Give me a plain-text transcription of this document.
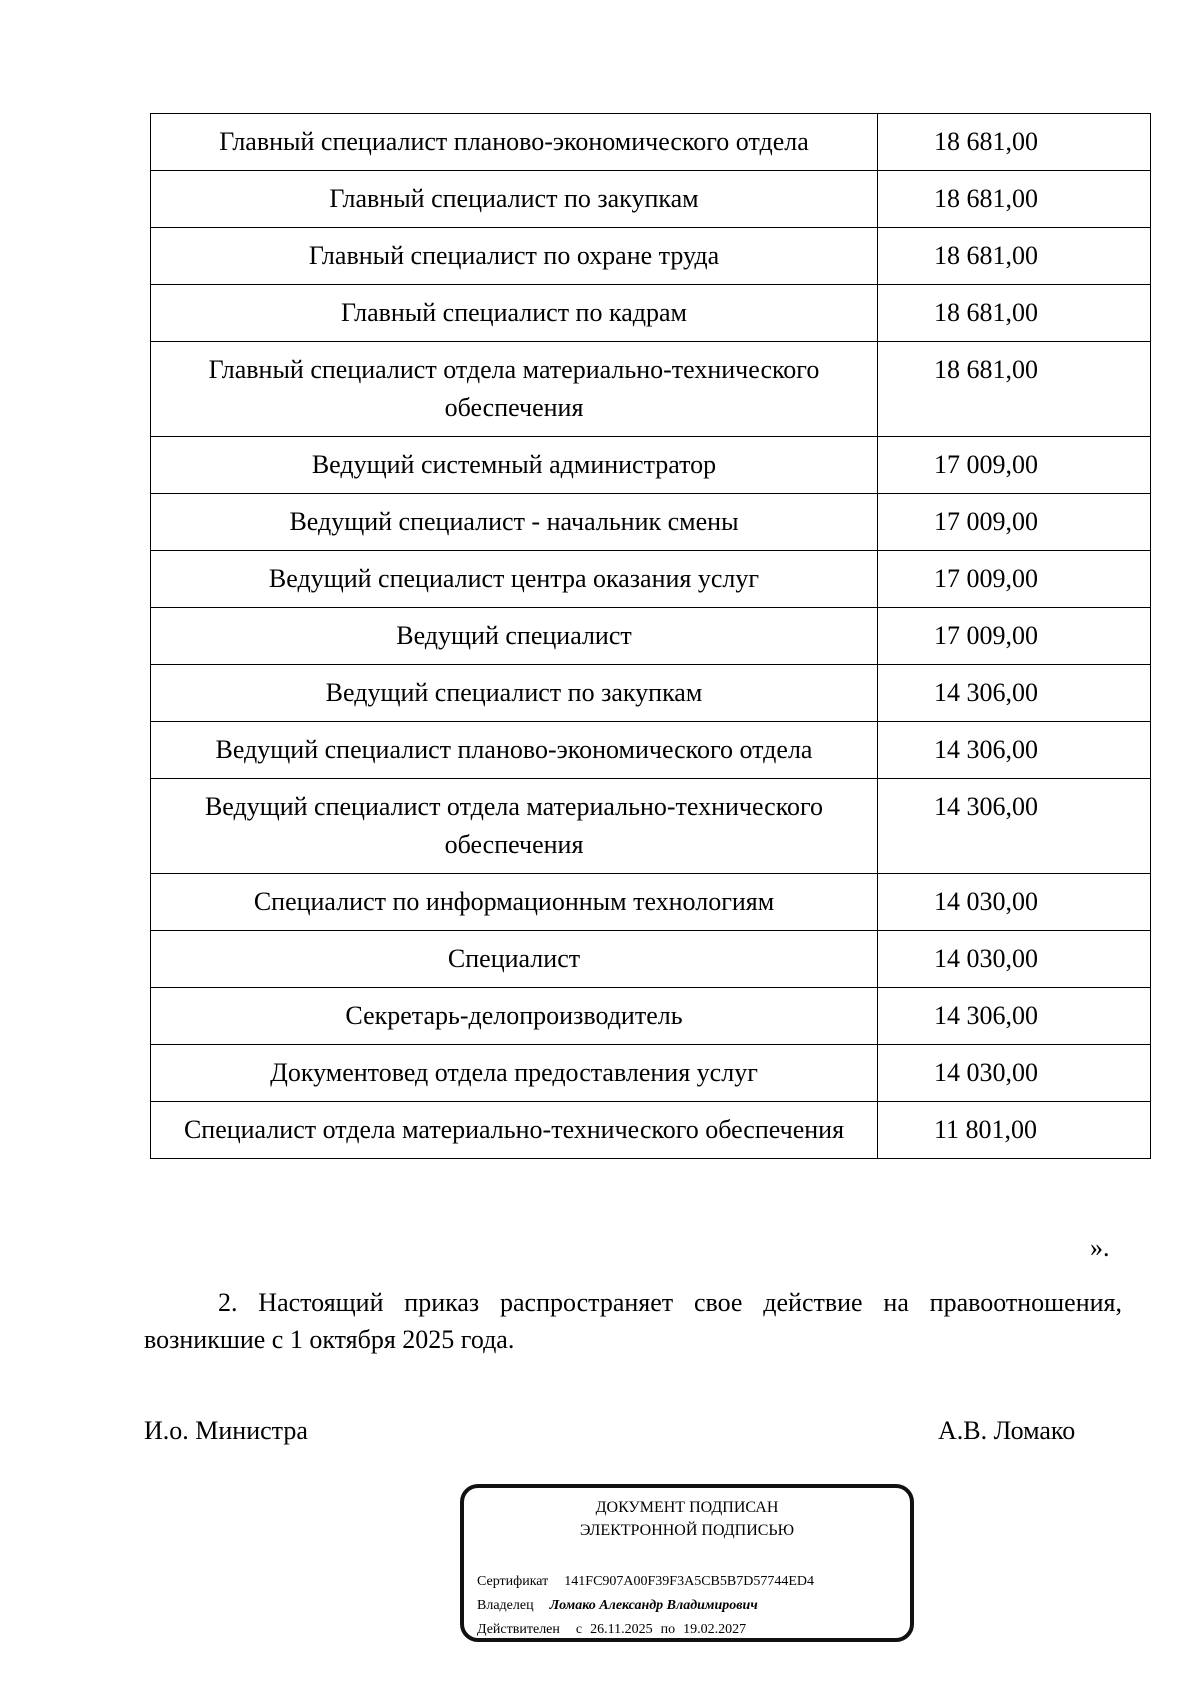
Главный специалист планово-экономического отдела	18 681,00
Главный специалист по закупкам	18 681,00
Главный специалист по охране труда	18 681,00
Главный специалист по кадрам	18 681,00
Главный специалист отдела материально-технического обеспечения	18 681,00
Ведущий системный администратор	17 009,00
Ведущий специалист - начальник смены	17 009,00
Ведущий специалист центра оказания услуг	17 009,00
Ведущий специалист	17 009,00
Ведущий специалист по закупкам	14 306,00
Ведущий специалист планово-экономического отдела	14 306,00
Ведущий специалист отдела материально-технического обеспечения	14 306,00
Специалист по информационным технологиям	14 030,00
Специалист	14 030,00
Секретарь-делопроизводитель	14 306,00
Документовед отдела предоставления услуг	14 030,00
Специалист отдела материально-технического обеспечения	11 801,00
».

2. Настоящий приказ распространяет свое действие на правоотношения, возникшие с 1 октября 2025 года.

И.о. Министра	А.В. Ломако
ДОКУМЕНТ ПОДПИСАН
ЭЛЕКТРОННОЙ ПОДПИСЬЮ
Сертификат 141FC907A00F39F3A5CB5B7D57744ED4
Владелец Ломако Александр Владимирович
Действителен с 26.11.2025 по 19.02.2027
